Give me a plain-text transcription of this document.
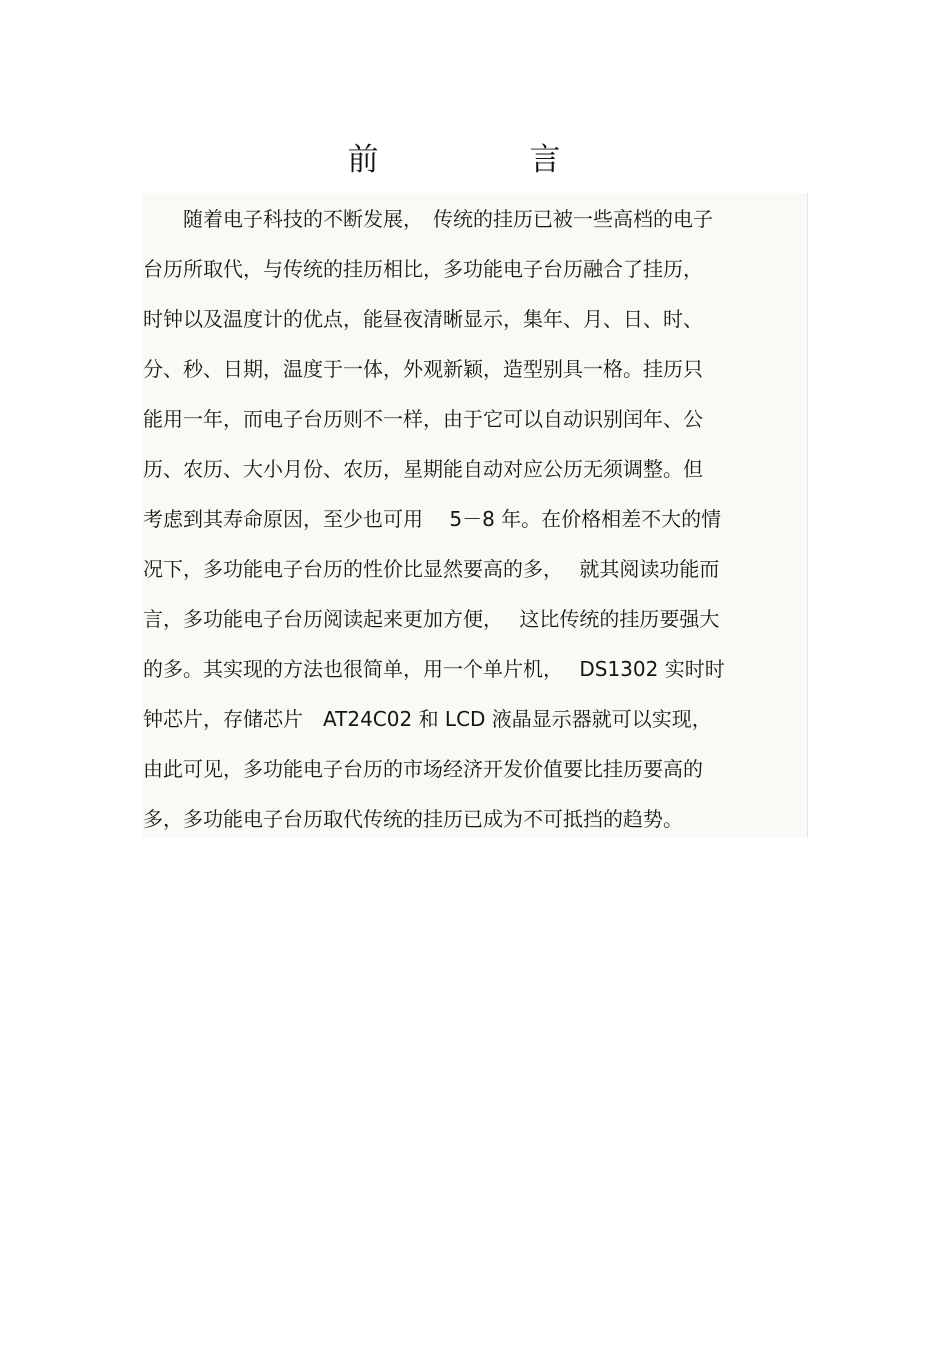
前　言
　　随着电子科技的不断发展，　传统的挂历已被一些高档的电子
台历所取代，与传统的挂历相比，多功能电子台历融合了挂历，
时钟以及温度计的优点，能昼夜清晰显示，集年、月、日、时、
分、秒、日期，温度于一体，外观新颖，造型别具一格。挂历只
能用一年，而电子台历则不一样，由于它可以自动识别闰年、公
历、农历、大小月份、农历，星期能自动对应公历无须调整。但
考虑到其寿命原因，至少也可用　 5－8 年。在价格相差不大的情
况下，多功能电子台历的性价比显然要高的多，　 就其阅读功能而
言，多功能电子台历阅读起来更加方便，　 这比传统的挂历要强大
的多。其实现的方法也很简单，用一个单片机，　 DS1302 实时时
钟芯片，存储芯片　AT24C02 和 LCD 液晶显示器就可以实现，
由此可见，多功能电子台历的市场经济开发价值要比挂历要高的
多，多功能电子台历取代传统的挂历已成为不可抵挡的趋势。
